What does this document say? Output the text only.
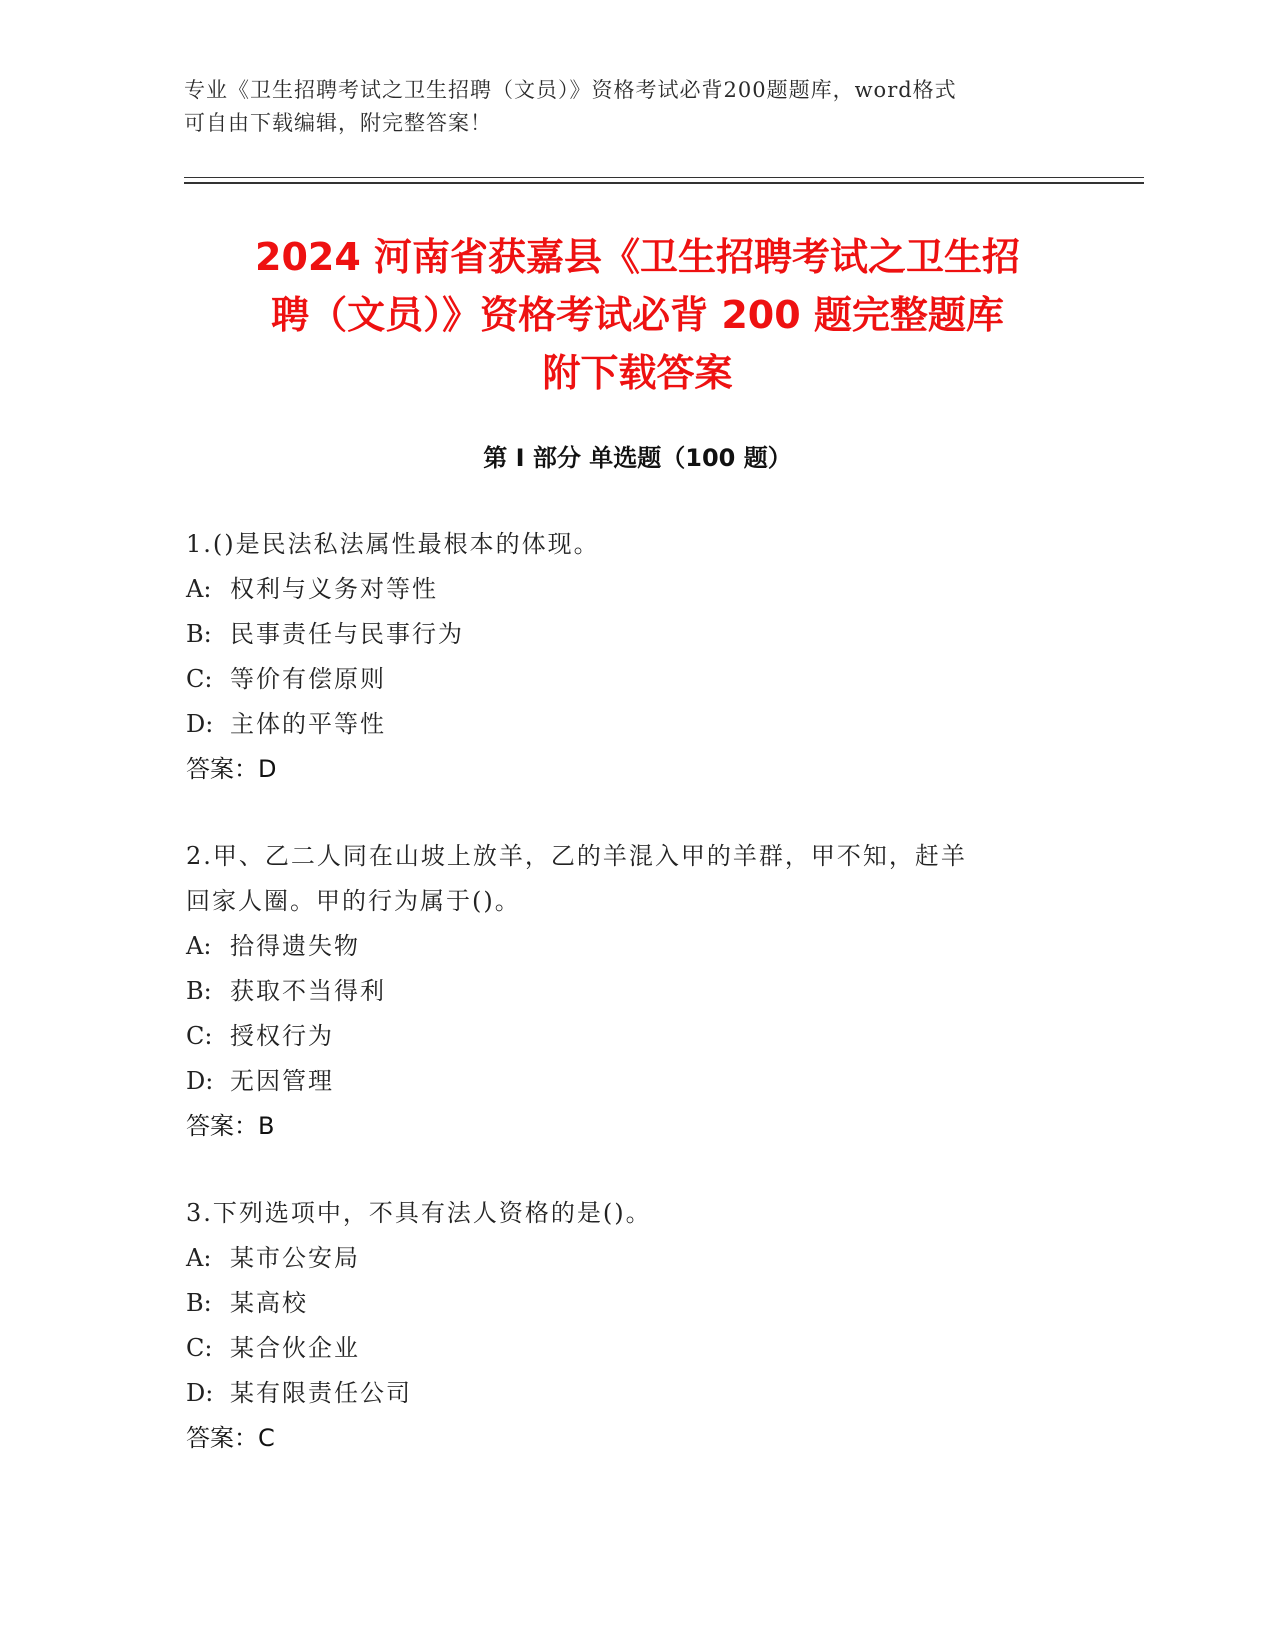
专业《卫生招聘考试之卫生招聘（文员）》资格考试必背200题题库，word格式
可自由下载编辑，附完整答案！
2024 河南省获嘉县《卫生招聘考试之卫生招
聘（文员）》资格考试必背 200 题完整题库
附下载答案
第 I 部分 单选题（100 题）
1.()是民法私法属性最根本的体现。
A: 权利与义务对等性
B: 民事责任与民事行为
C: 等价有偿原则
D: 主体的平等性
答案：D
2.甲、乙二人同在山坡上放羊，乙的羊混入甲的羊群，甲不知，赶羊
回家人圈。甲的行为属于()。
A: 拾得遗失物
B: 获取不当得利
C: 授权行为
D: 无因管理
答案：B
3.下列选项中，不具有法人资格的是()。
A: 某市公安局
B: 某高校
C: 某合伙企业
D: 某有限责任公司
答案：C
